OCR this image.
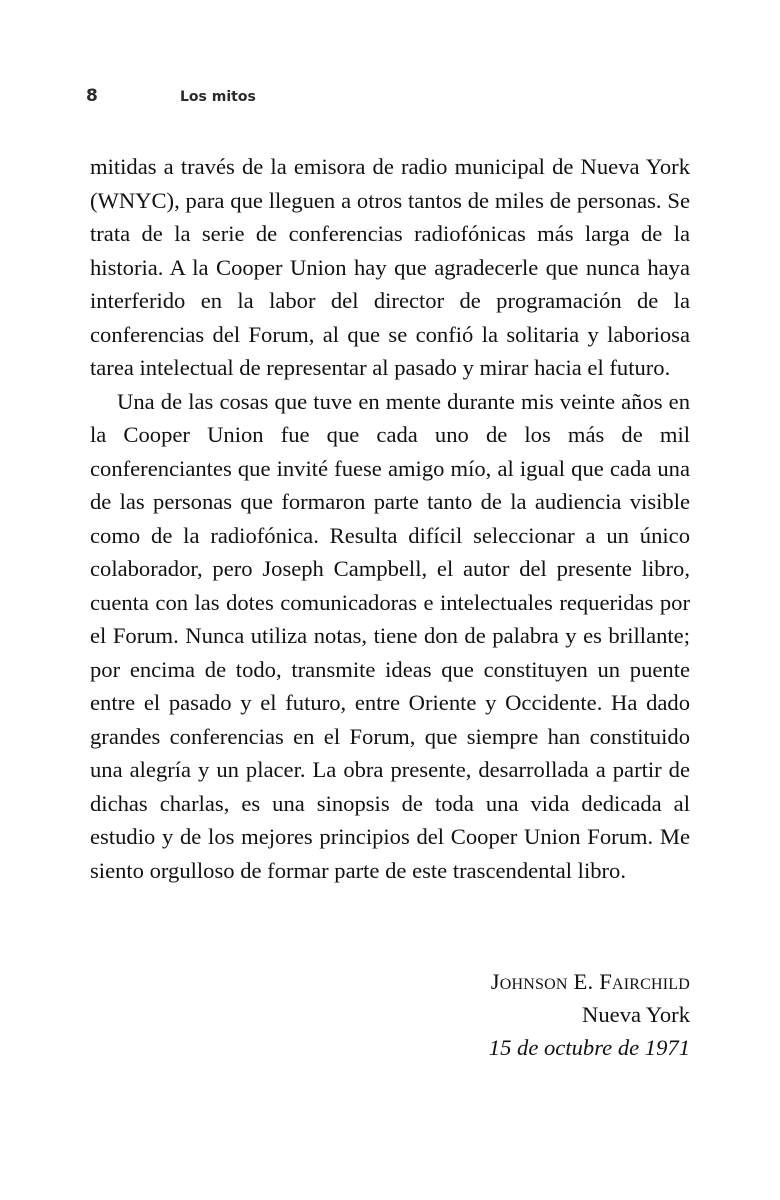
8	Los mitos

mitidas a través de la emisora de radio municipal de Nueva York (WNYC), para que lleguen a otros tantos de miles de personas. Se trata de la serie de conferencias radiofónicas más larga de la historia. A la Cooper Union hay que agradecerle que nunca haya interferido en la labor del director de programación de la conferencias del Forum, al que se confió la solitaria y laboriosa tarea intelectual de representar al pasado y mirar hacia el futuro.

Una de las cosas que tuve en mente durante mis veinte años en la Cooper Union fue que cada uno de los más de mil conferenciantes que invité fuese amigo mío, al igual que cada una de las personas que formaron parte tanto de la audiencia visible como de la radiofónica. Resulta difícil seleccionar a un único colaborador, pero Joseph Campbell, el autor del presente libro, cuenta con las dotes comunicadoras e intelectuales requeridas por el Forum. Nunca utiliza notas, tiene don de palabra y es brillante; por encima de todo, transmite ideas que constituyen un puente entre el pasado y el futuro, entre Oriente y Occidente. Ha dado grandes conferencias en el Forum, que siempre han constituido una alegría y un placer. La obra presente, desarrollada a partir de dichas charlas, es una sinopsis de toda una vida dedicada al estudio y de los mejores principios del Cooper Union Forum. Me siento orgulloso de formar parte de este trascendental libro.

Johnson E. Fairchild
Nueva York
15 de octubre de 1971
